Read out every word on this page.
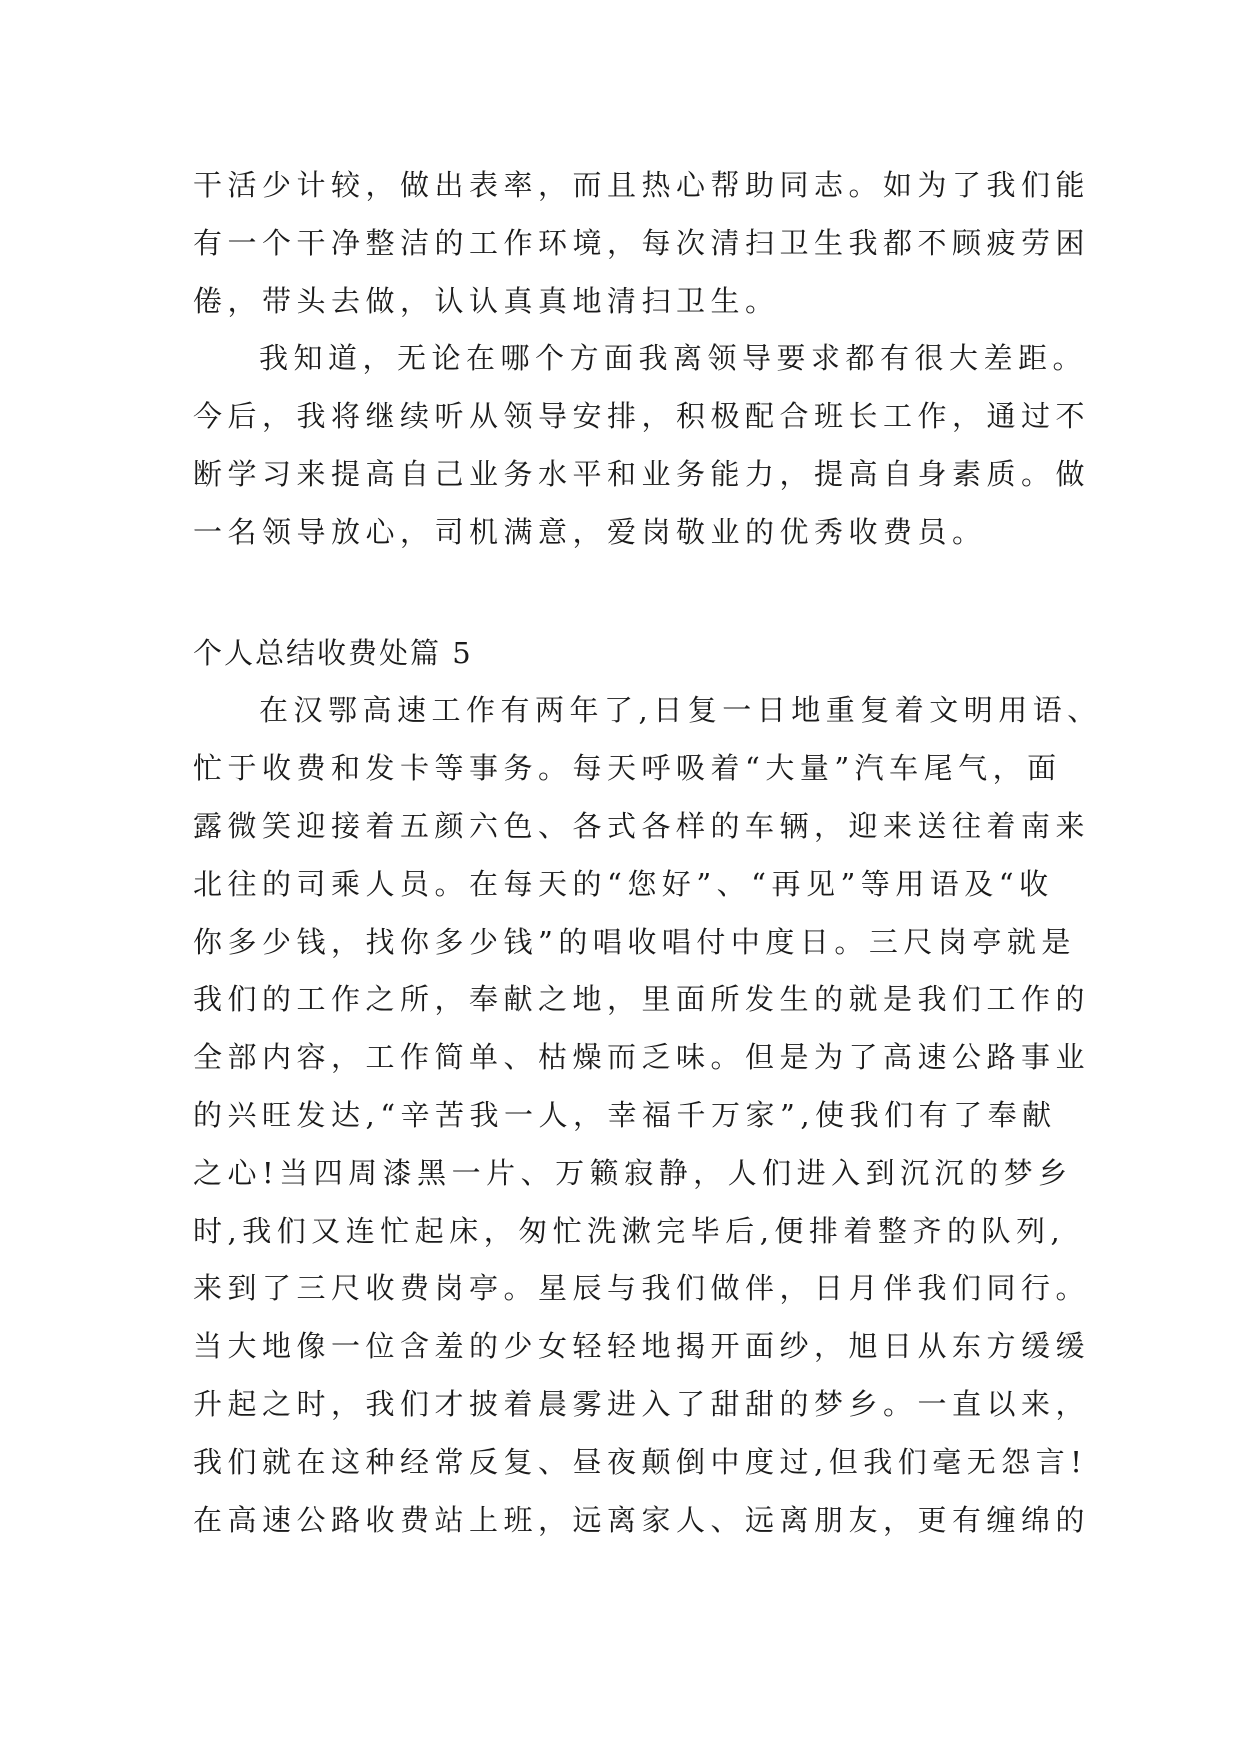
干活少计较，做出表率，而且热心帮助同志。如为了我们能
有一个干净整洁的工作环境，每次清扫卫生我都不顾疲劳困
倦，带头去做，认认真真地清扫卫生。
我知道，无论在哪个方面我离领导要求都有很大差距。
今后，我将继续听从领导安排，积极配合班长工作，通过不
断学习来提高自己业务水平和业务能力，提高自身素质。做
一名领导放心，司机满意，爱岗敬业的优秀收费员。
个人总结收费处篇 5
在汉鄂高速工作有两年了,日复一日地重复着文明用语、
忙于收费和发卡等事务。每天呼吸着“大量”汽车尾气，面
露微笑迎接着五颜六色、各式各样的车辆，迎来送往着南来
北往的司乘人员。在每天的“您好”、“再见”等用语及“收
你多少钱，找你多少钱”的唱收唱付中度日。三尺岗亭就是
我们的工作之所，奉献之地，里面所发生的就是我们工作的
全部内容，工作简单、枯燥而乏味。但是为了高速公路事业
的兴旺发达,“辛苦我一人，幸福千万家”,使我们有了奉献
之心!当四周漆黑一片、万籁寂静，人们进入到沉沉的梦乡
时,我们又连忙起床，匆忙洗漱完毕后,便排着整齐的队列,
来到了三尺收费岗亭。星辰与我们做伴，日月伴我们同行。
当大地像一位含羞的少女轻轻地揭开面纱，旭日从东方缓缓
升起之时，我们才披着晨雾进入了甜甜的梦乡。一直以来，
我们就在这种经常反复、昼夜颠倒中度过,但我们毫无怨言!
在高速公路收费站上班，远离家人、远离朋友，更有缠绵的
